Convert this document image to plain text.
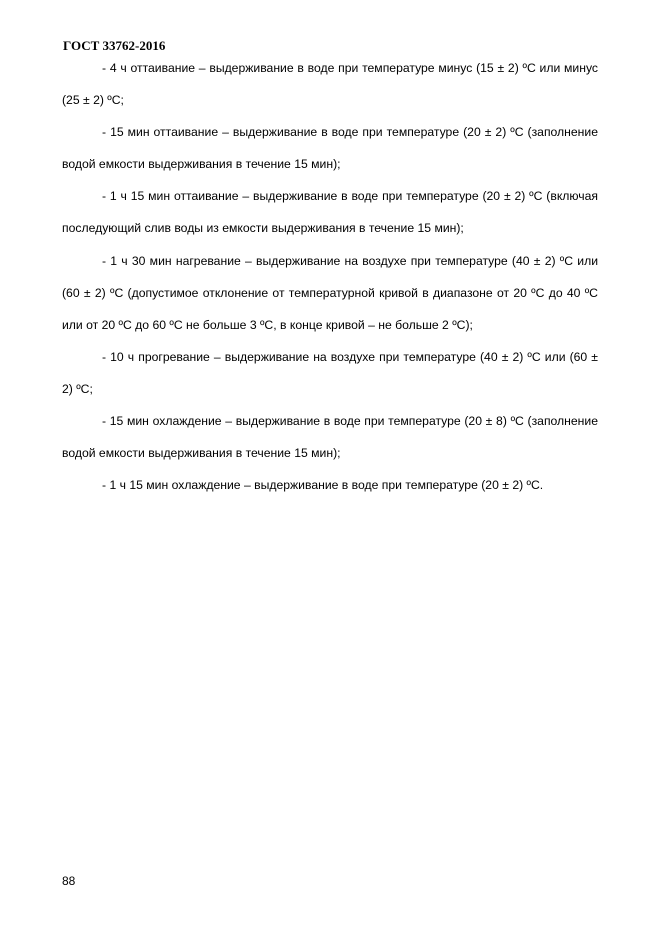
ГОСТ 33762-2016

- 4 ч оттаивание – выдерживание в воде при температуре минус (15 ± 2) ºС или минус (25 ± 2) ºС;

- 15 мин оттаивание – выдерживание в воде при температуре (20 ± 2) ºС (заполнение водой емкости выдерживания в течение 15 мин);

- 1 ч 15 мин оттаивание – выдерживание в воде при температуре (20 ± 2) ºС (включая последующий слив воды из емкости выдерживания в течение 15 мин);

- 1 ч 30 мин нагревание – выдерживание на воздухе при температуре (40 ± 2) ºС или (60 ± 2) ºС (допустимое отклонение от температурной кривой в диапазоне от 20 ºС до 40 ºС или от 20 ºС до 60 ºС не больше 3 ºС, в конце кривой – не больше 2 ºС);

- 10 ч прогревание – выдерживание на воздухе при температуре (40 ± 2) ºС или (60 ± 2) ºС;

- 15 мин охлаждение – выдерживание в воде при температуре (20 ± 8) ºС (заполнение водой емкости выдерживания в течение 15 мин);

- 1 ч 15 мин охлаждение – выдерживание в воде при температуре (20 ± 2) ºС.

88
